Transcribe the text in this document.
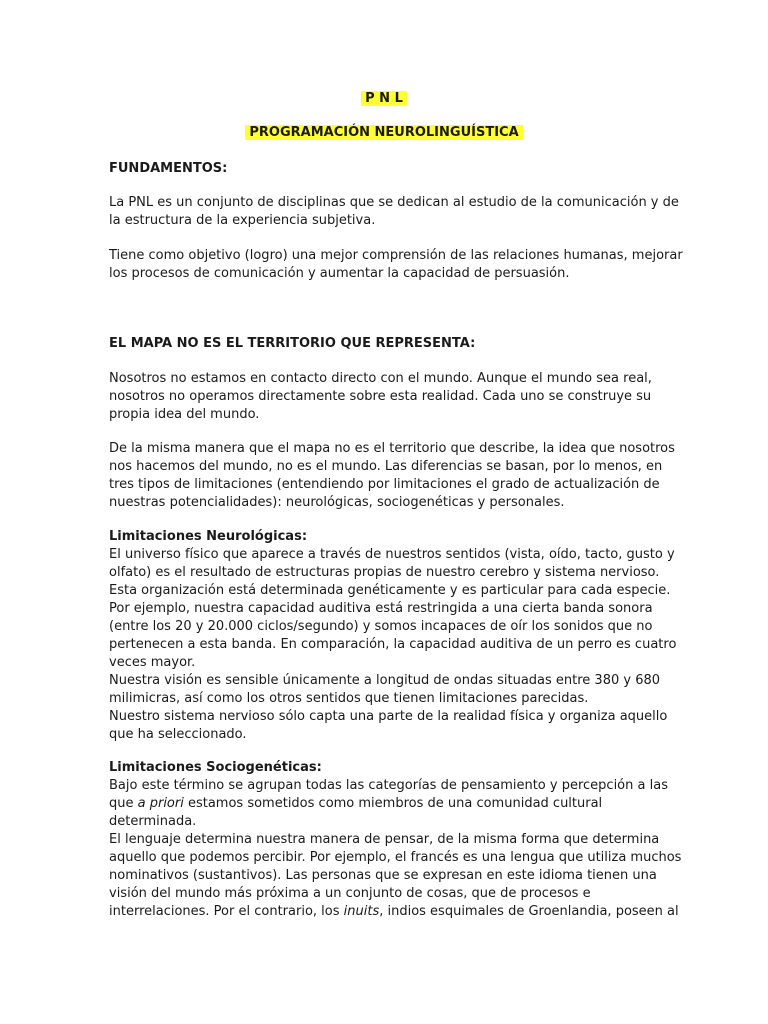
P N L
PROGRAMACIÓN NEUROLINGUÍSTICA
FUNDAMENTOS:
La PNL es un conjunto de disciplinas que se dedican al estudio de la comunicación y de
la estructura de la experiencia subjetiva.
Tiene como objetivo (logro) una mejor comprensión de las relaciones humanas, mejorar
los procesos de comunicación y aumentar la capacidad de persuasión.
EL MAPA NO ES EL TERRITORIO QUE REPRESENTA:
Nosotros no estamos en contacto directo con el mundo. Aunque el mundo sea real,
nosotros no operamos directamente sobre esta realidad. Cada uno se construye su
propia idea del mundo.
De la misma manera que el mapa no es el territorio que describe, la idea que nosotros
nos hacemos del mundo, no es el mundo. Las diferencias se basan, por lo menos, en
tres tipos de limitaciones (entendiendo por limitaciones el grado de actualización de
nuestras potencialidades): neurológicas, sociogenéticas y personales.
Limitaciones Neurológicas:
El universo físico que aparece a través de nuestros sentidos (vista, oído, tacto, gusto y
olfato) es el resultado de estructuras propias de nuestro cerebro y sistema nervioso.
Esta organización está determinada genéticamente y es particular para cada especie.
Por ejemplo, nuestra capacidad auditiva está restringida a una cierta banda sonora
(entre los 20 y 20.000 ciclos/segundo) y somos incapaces de oír los sonidos que no
pertenecen a esta banda. En comparación, la capacidad auditiva de un perro es cuatro
veces mayor.
Nuestra visión es sensible únicamente a longitud de ondas situadas entre 380 y 680
milimicras, así como los otros sentidos que tienen limitaciones parecidas.
Nuestro sistema nervioso sólo capta una parte de la realidad física y organiza aquello
que ha seleccionado.
Limitaciones Sociogenéticas:
Bajo este término se agrupan todas las categorías de pensamiento y percepción a las
que a priori estamos sometidos como miembros de una comunidad cultural
determinada.
El lenguaje determina nuestra manera de pensar, de la misma forma que determina
aquello que podemos percibir. Por ejemplo, el francés es una lengua que utiliza muchos
nominativos (sustantivos). Las personas que se expresan en este idioma tienen una
visión del mundo más próxima a un conjunto de cosas, que de procesos e
interrelaciones. Por el contrario, los inuits, indios esquimales de Groenlandia, poseen al
